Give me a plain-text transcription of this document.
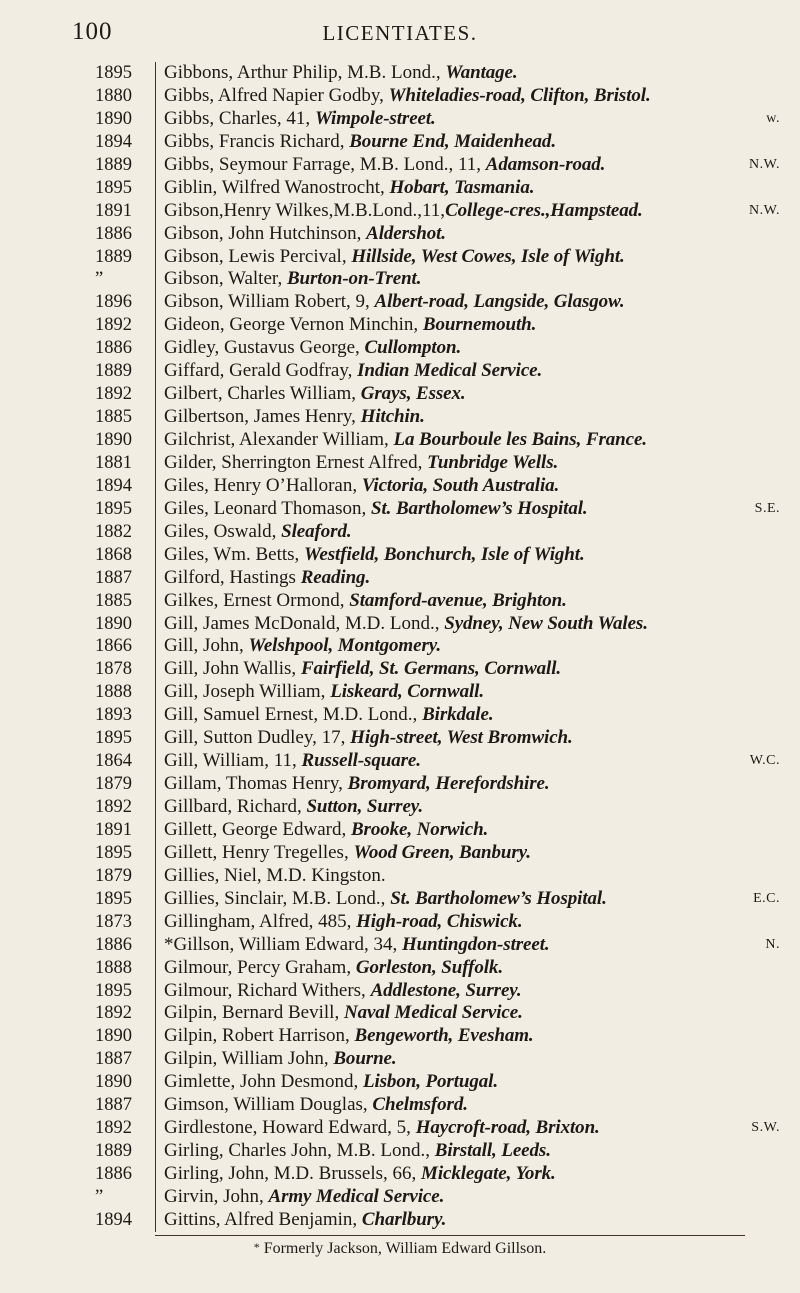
100	LICENTIATES.
1895	Gibbons, Arthur Philip, M.B. Lond., Wantage.
1880	Gibbs, Alfred Napier Godby, Whiteladies-road, Clifton, Bristol.
1890	Gibbs, Charles, 41, Wimpole-street.	w.
1894	Gibbs, Francis Richard, Bourne End, Maidenhead.
1889	Gibbs, Seymour Farrage, M.B. Lond., 11, Adamson-road.	N.W.
1895	Giblin, Wilfred Wanostrocht, Hobart, Tasmania.
1891	Gibson,Henry Wilkes,M.B.Lond.,11,College-cres.,Hampstead.	N.W.
1886	Gibson, John Hutchinson, Aldershot.
1889	Gibson, Lewis Percival, Hillside, West Cowes, Isle of Wight.
”	Gibson, Walter, Burton-on-Trent.
1896	Gibson, William Robert, 9, Albert-road, Langside, Glasgow.
1892	Gideon, George Vernon Minchin, Bournemouth.
1886	Gidley, Gustavus George, Cullompton.
1889	Giffard, Gerald Godfray, Indian Medical Service.
1892	Gilbert, Charles William, Grays, Essex.
1885	Gilbertson, James Henry, Hitchin.
1890	Gilchrist, Alexander William, La Bourboule les Bains, France.
1881	Gilder, Sherrington Ernest Alfred, Tunbridge Wells.
1894	Giles, Henry O’Halloran, Victoria, South Australia.
1895	Giles, Leonard Thomason, St. Bartholomew’s Hospital.	S.E.
1882	Giles, Oswald, Sleaford.
1868	Giles, Wm. Betts, Westfield, Bonchurch, Isle of Wight.
1887	Gilford, Hastings Reading.
1885	Gilkes, Ernest Ormond, Stamford-avenue, Brighton.
1890	Gill, James McDonald, M.D. Lond., Sydney, New South Wales.
1866	Gill, John, Welshpool, Montgomery.
1878	Gill, John Wallis, Fairfield, St. Germans, Cornwall.
1888	Gill, Joseph William, Liskeard, Cornwall.
1893	Gill, Samuel Ernest, M.D. Lond., Birkdale.
1895	Gill, Sutton Dudley, 17, High-street, West Bromwich.
1864	Gill, William, 11, Russell-square.	W.C.
1879	Gillam, Thomas Henry, Bromyard, Herefordshire.
1892	Gillbard, Richard, Sutton, Surrey.
1891	Gillett, George Edward, Brooke, Norwich.
1895	Gillett, Henry Tregelles, Wood Green, Banbury.
1879	Gillies, Niel, M.D. Kingston.
1895	Gillies, Sinclair, M.B. Lond., St. Bartholomew’s Hospital.	E.C.
1873	Gillingham, Alfred, 485, High-road, Chiswick.
1886	*Gillson, William Edward, 34, Huntingdon-street.	N.
1888	Gilmour, Percy Graham, Gorleston, Suffolk.
1895	Gilmour, Richard Withers, Addlestone, Surrey.
1892	Gilpin, Bernard Bevill, Naval Medical Service.
1890	Gilpin, Robert Harrison, Bengeworth, Evesham.
1887	Gilpin, William John, Bourne.
1890	Gimlette, John Desmond, Lisbon, Portugal.
1887	Gimson, William Douglas, Chelmsford.
1892	Girdlestone, Howard Edward, 5, Haycroft-road, Brixton.	S.W.
1889	Girling, Charles John, M.B. Lond., Birstall, Leeds.
1886	Girling, John, M.D. Brussels, 66, Micklegate, York.
”	Girvin, John, Army Medical Service.
1894	Gittins, Alfred Benjamin, Charlbury.
* Formerly Jackson, William Edward Gillson.
